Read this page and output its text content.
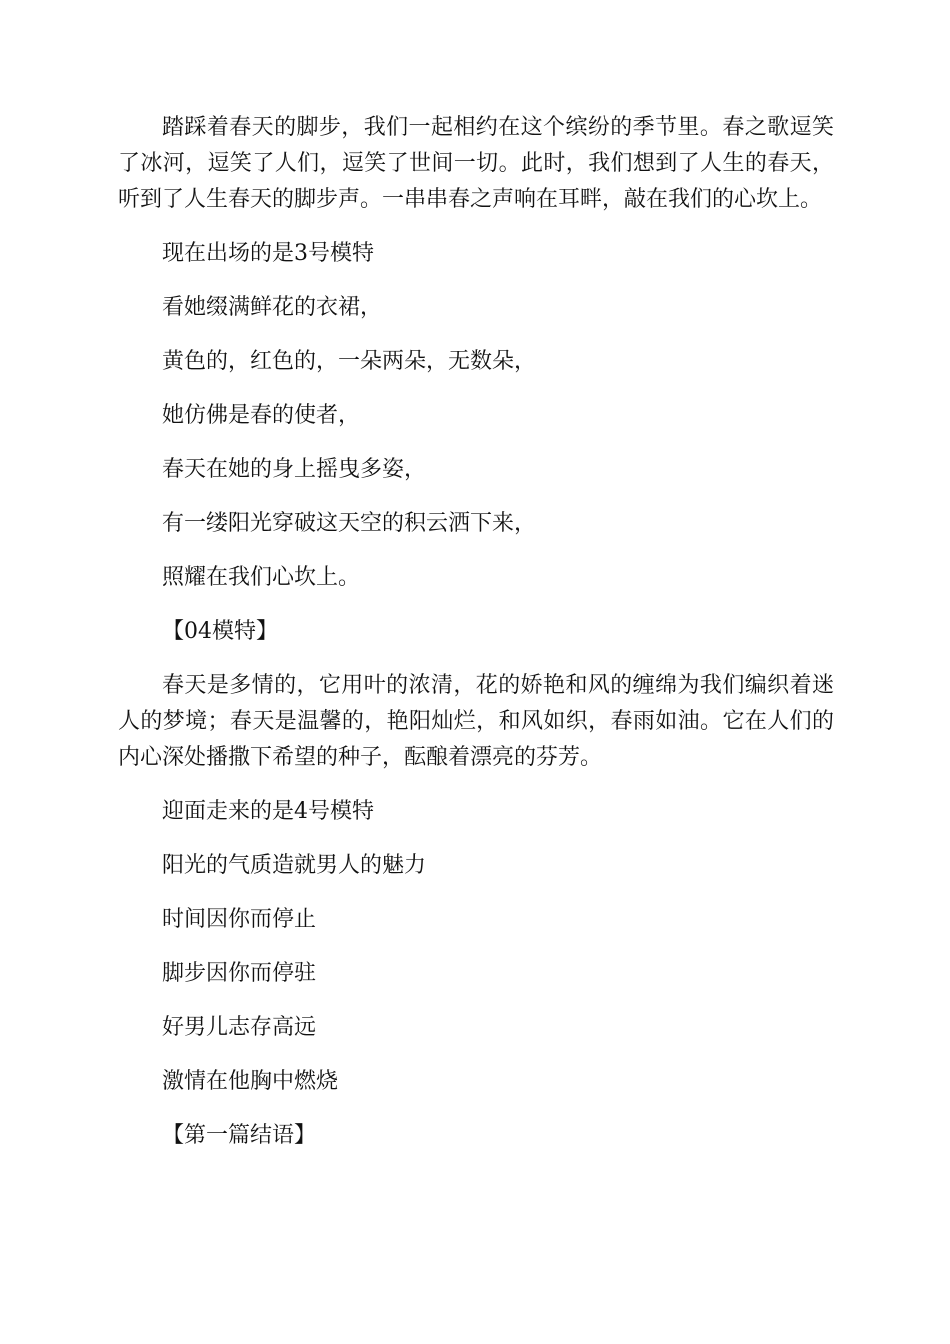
踏踩着春天的脚步，我们一起相约在这个缤纷的季节里。春之歌逗笑了冰河，逗笑了人们，逗笑了世间一切。此时，我们想到了人生的春天，听到了人生春天的脚步声。一串串春之声响在耳畔，敲在我们的心坎上。

现在出场的是3号模特

看她缀满鲜花的衣裙，

黄色的，红色的，一朵两朵，无数朵，

她仿佛是春的使者，

春天在她的身上摇曳多姿，

有一缕阳光穿破这天空的积云洒下来，

照耀在我们心坎上。

【04模特】

春天是多情的，它用叶的浓清，花的娇艳和风的缠绵为我们编织着迷人的梦境；春天是温馨的，艳阳灿烂，和风如织，春雨如油。它在人们的内心深处播撒下希望的种子，酝酿着漂亮的芬芳。

迎面走来的是4号模特

阳光的气质造就男人的魅力

时间因你而停止

脚步因你而停驻

好男儿志存高远

激情在他胸中燃烧

【第一篇结语】
